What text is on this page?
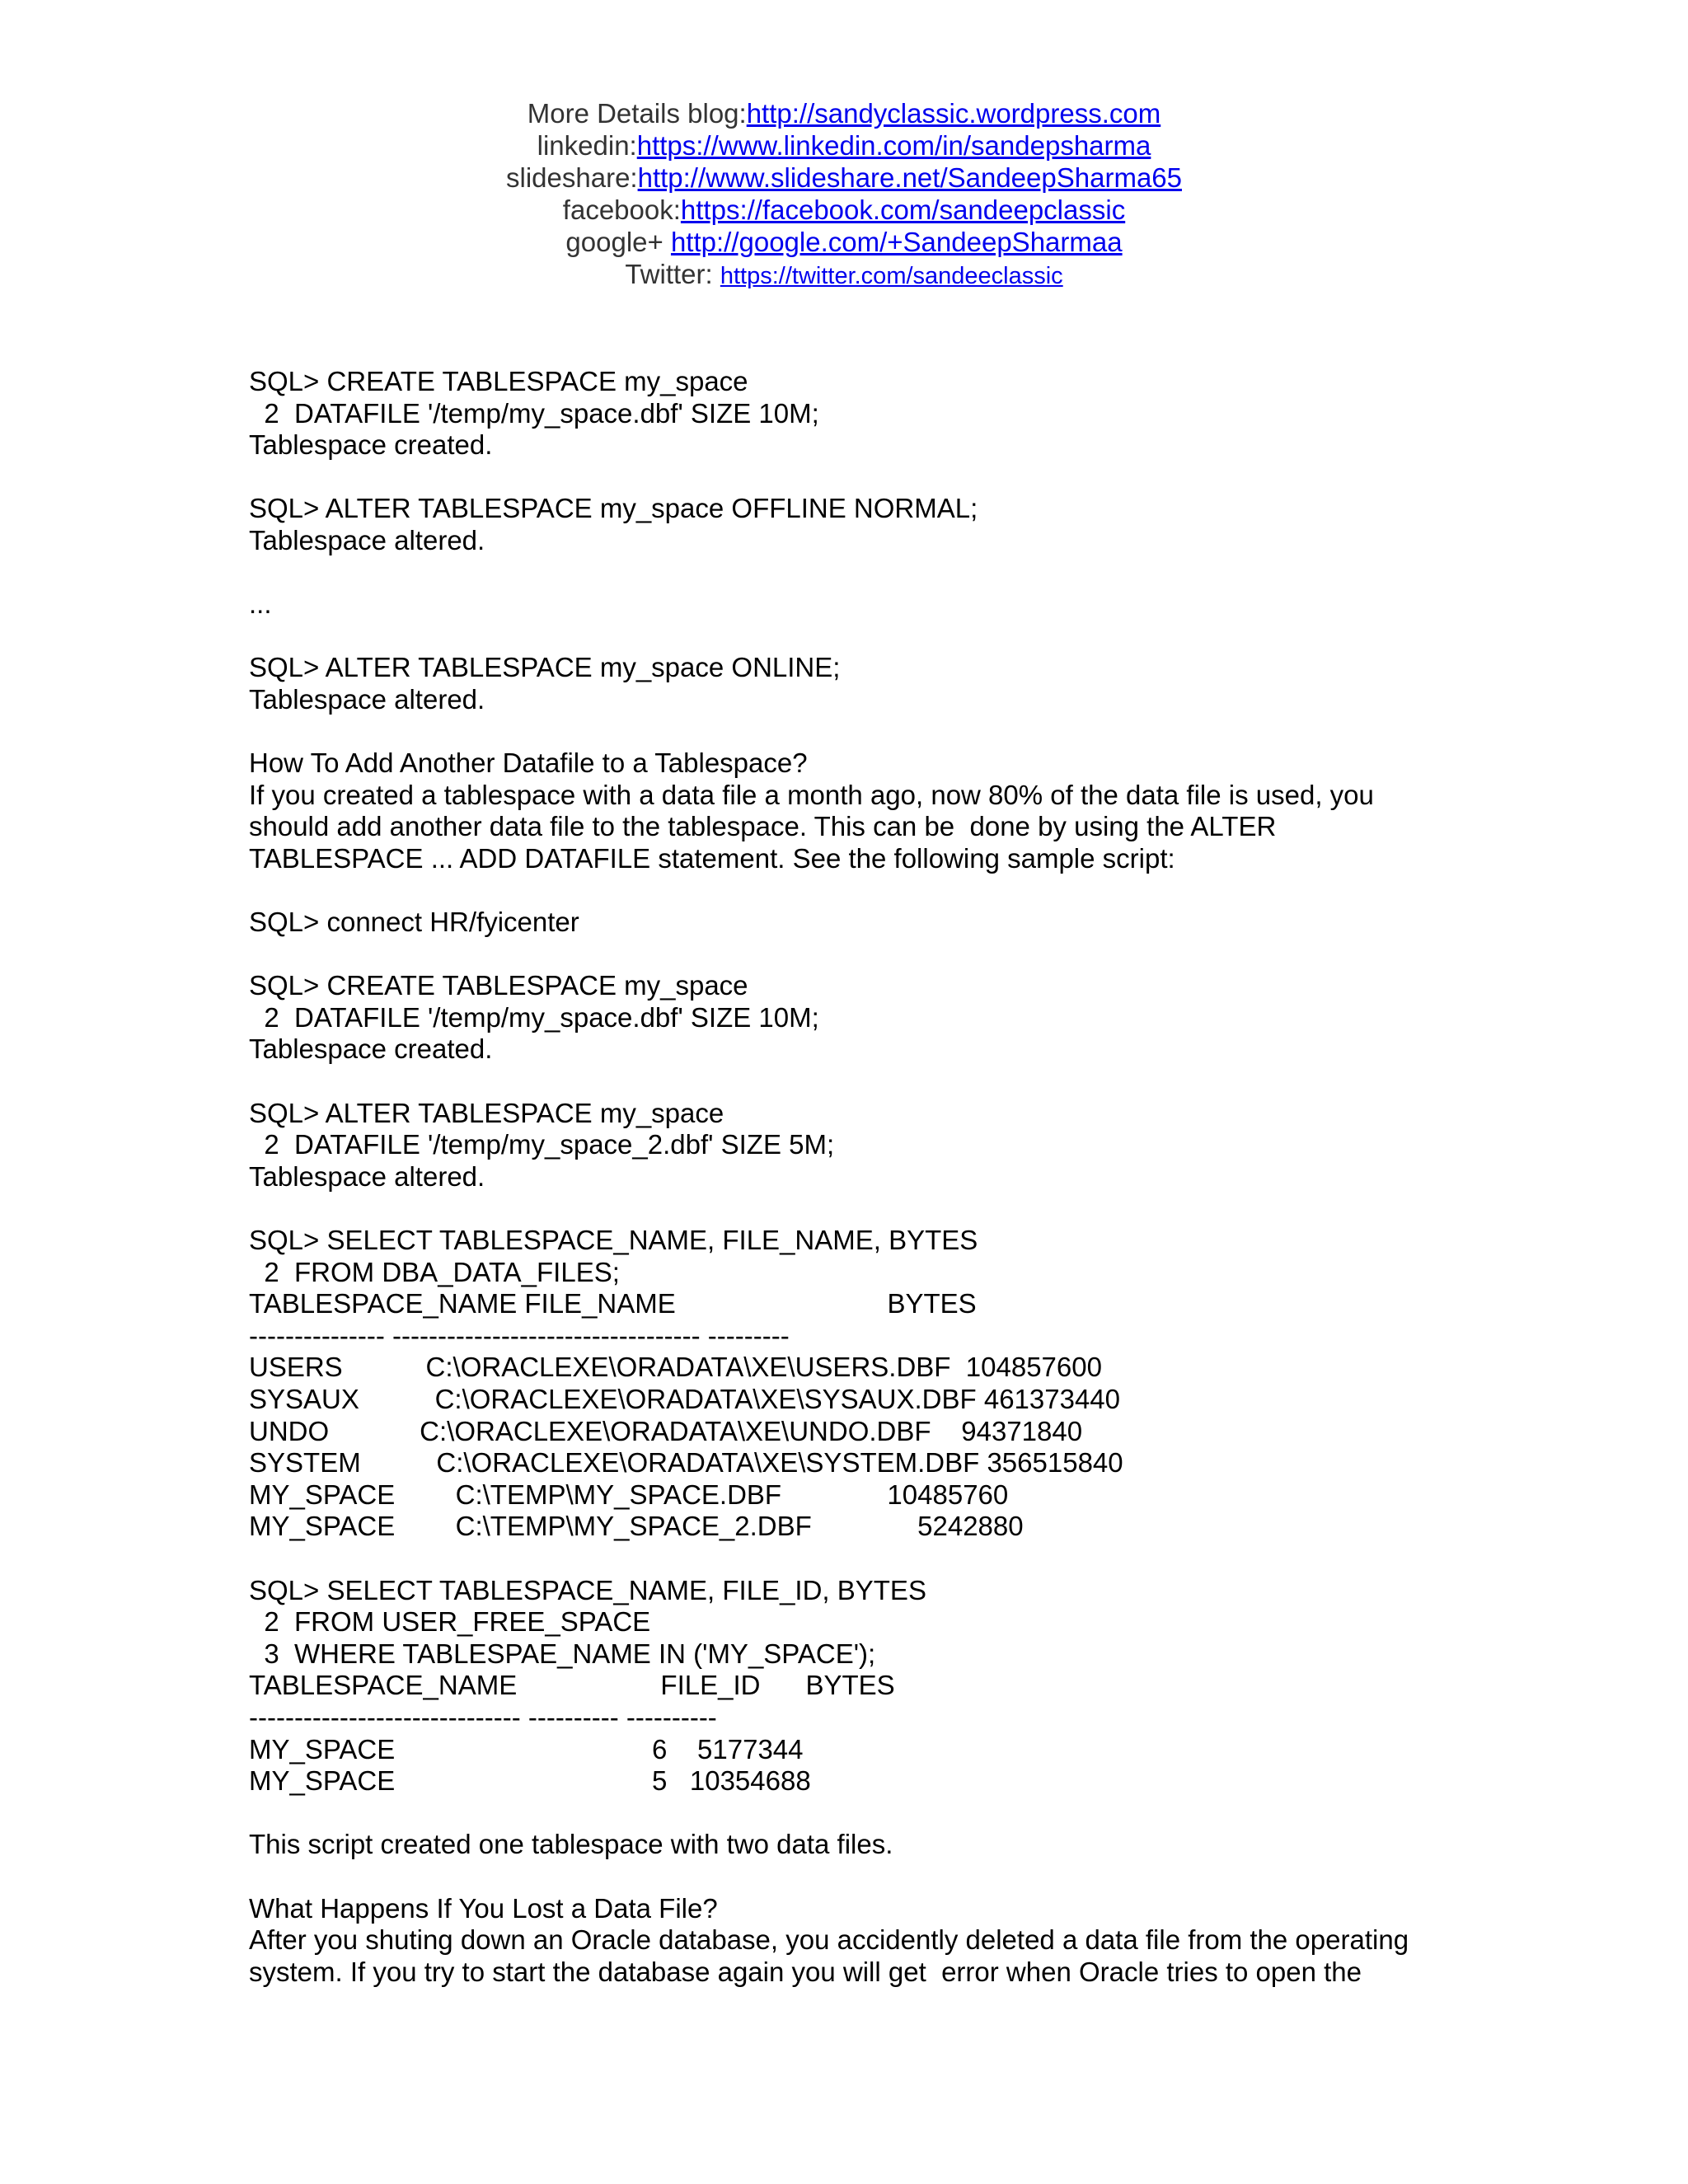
More Details blog:http://sandyclassic.wordpress.com
linkedin:https://www.linkedin.com/in/sandepsharma
slideshare:http://www.slideshare.net/SandeepSharma65
facebook:https://facebook.com/sandeepclassic
google+ http://google.com/+SandeepSharmaa
Twitter: https://twitter.com/sandeeclassic
SQL> CREATE TABLESPACE my_space
2  DATAFILE '/temp/my_space.dbf' SIZE 10M;
Tablespace created.
SQL> ALTER TABLESPACE my_space OFFLINE NORMAL;
Tablespace altered.
...
SQL> ALTER TABLESPACE my_space ONLINE;
Tablespace altered.
How To Add Another Datafile to a Tablespace?
If you created a tablespace with a data file a month ago, now 80% of the data file is used, you
should add another data file to the tablespace. This can be  done by using the ALTER
TABLESPACE ... ADD DATAFILE statement. See the following sample script:
SQL> connect HR/fyicenter
SQL> CREATE TABLESPACE my_space
2  DATAFILE '/temp/my_space.dbf' SIZE 10M;
Tablespace created.
SQL> ALTER TABLESPACE my_space
2  DATAFILE '/temp/my_space_2.dbf' SIZE 5M;
Tablespace altered.
SQL> SELECT TABLESPACE_NAME, FILE_NAME, BYTES
2  FROM DBA_DATA_FILES;
TABLESPACE_NAME FILE_NAME                            BYTES
--------------- ---------------------------------- ---------
USERS           C:\ORACLEXE\ORADATA\XE\USERS.DBF  104857600
SYSAUX          C:\ORACLEXE\ORADATA\XE\SYSAUX.DBF 461373440
UNDO            C:\ORACLEXE\ORADATA\XE\UNDO.DBF    94371840
SYSTEM          C:\ORACLEXE\ORADATA\XE\SYSTEM.DBF 356515840
MY_SPACE        C:\TEMP\MY_SPACE.DBF              10485760
MY_SPACE        C:\TEMP\MY_SPACE_2.DBF              5242880
SQL> SELECT TABLESPACE_NAME, FILE_ID, BYTES
2  FROM USER_FREE_SPACE
3  WHERE TABLESPAE_NAME IN ('MY_SPACE');
TABLESPACE_NAME                   FILE_ID      BYTES
------------------------------ ---------- ----------
MY_SPACE                                  6    5177344
MY_SPACE                                  5   10354688
This script created one tablespace with two data files.
What Happens If You Lost a Data File?
After you shuting down an Oracle database, you accidently deleted a data file from the operating
system. If you try to start the database again you will get  error when Oracle tries to open the
